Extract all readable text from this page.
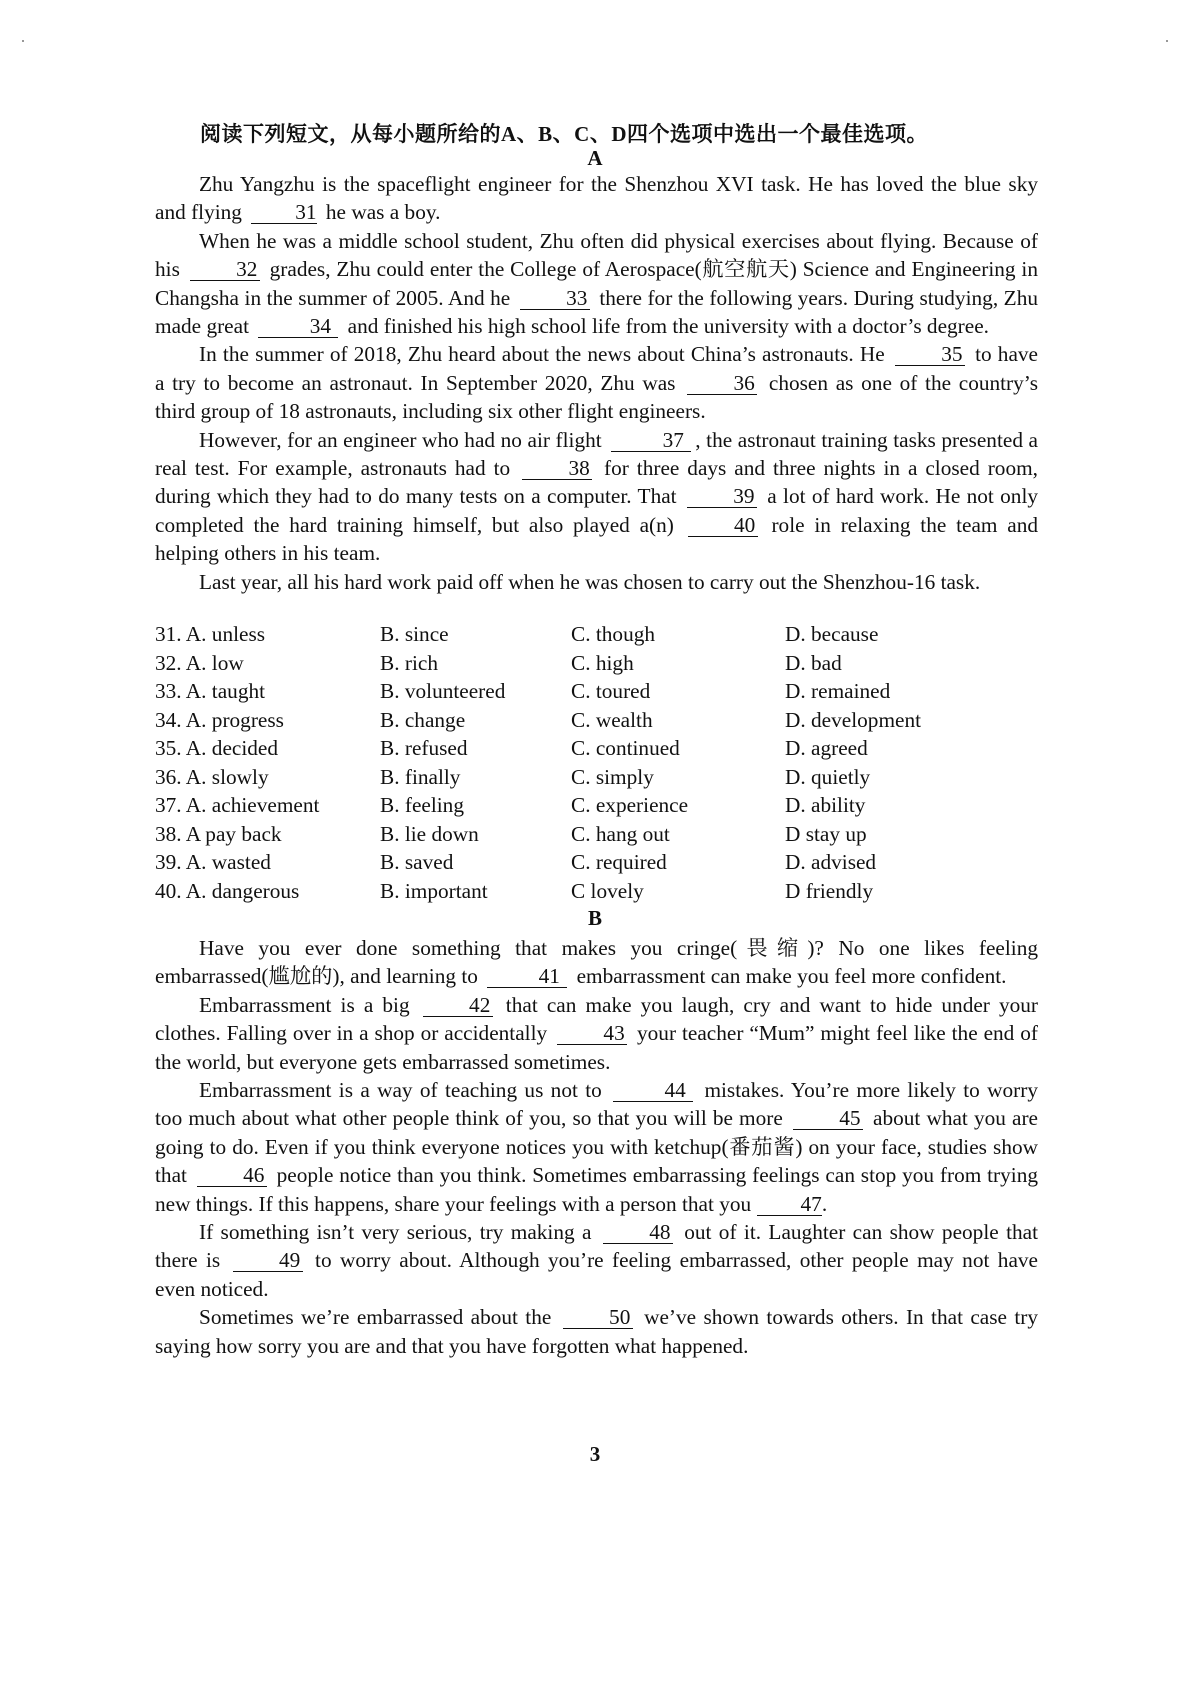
阅读下列短文，从每小题所给的A、B、C、D四个选项中选出一个最佳选项。
A

Zhu Yangzhu is the spaceflight engineer for the Shenzhou XVI task. He has loved the blue sky and flying	31 he was a boy.

When he was a middle school student, Zhu often did physical exercises about flying. Because of his	32 grades, Zhu could enter the College of Aerospace(航空航天) Science and Engineering in Changsha in the summer of 2005. And he	33 there for the following years. During studying, Zhu made great	34 and finished his high school life from the university with a doctor’s degree.

In the summer of 2018, Zhu heard about the news about China’s astronauts. He	35 to have a try to become an astronaut. In September 2020, Zhu was	36 chosen as one of the country’s third group of 18 astronauts, including six other flight engineers.

However, for an engineer who had no air flight	37 , the astronaut training tasks presented a real test. For example, astronauts had to	38 for three days and three nights in a closed room, during which they had to do many tests on a computer. That	39 a lot of hard work. He not only completed the hard training himself, but also played a(n)	40 role in relaxing the team and helping others in his team.

Last year, all his hard work paid off when he was chosen to carry out the Shenzhou-16 task.

31. A. unless	B. since	C. though	D. because
32. A. low	B. rich	C. high	D. bad
33. A. taught	B. volunteered	C. toured	D. remained
34. A. progress	B. change	C. wealth	D. development
35. A. decided	B. refused	C. continued	D. agreed
36. A. slowly	B. finally	C. simply	D. quietly
37. A. achievement	B. feeling	C. experience	D. ability
38. A pay back	B. lie down	C. hang out	D stay up
39. A. wasted	B. saved	C. required	D. advised
40. A. dangerous	B. important	C lovely	D friendly
B

Have you ever done something that makes you cringe(畏缩)? No one likes feeling embarrassed(尴尬的), and learning to	41 embarrassment can make you feel more confident.

Embarrassment is a big	42 that can make you laugh, cry and want to hide under your clothes. Falling over in a shop or accidentally	43 your teacher “Mum” might feel like the end of the world, but everyone gets embarrassed sometimes.

Embarrassment is a way of teaching us not to	44 mistakes. You’re more likely to worry too much about what other people think of you, so that you will be more	45 about what you are going to do. Even if you think everyone notices you with ketchup(番茄酱) on your face, studies show that	46 people notice than you think. Sometimes embarrassing feelings can stop you from trying new things. If this happens, share your feelings with a person that you 47.

If something isn’t very serious, try making a	48 out of it. Laughter can show people that there is	49 to worry about. Although you’re feeling embarrassed, other people may not have even noticed.

Sometimes we’re embarrassed about the	50 we’ve shown towards others. In that case try saying how sorry you are and that you have forgotten what happened.

3
